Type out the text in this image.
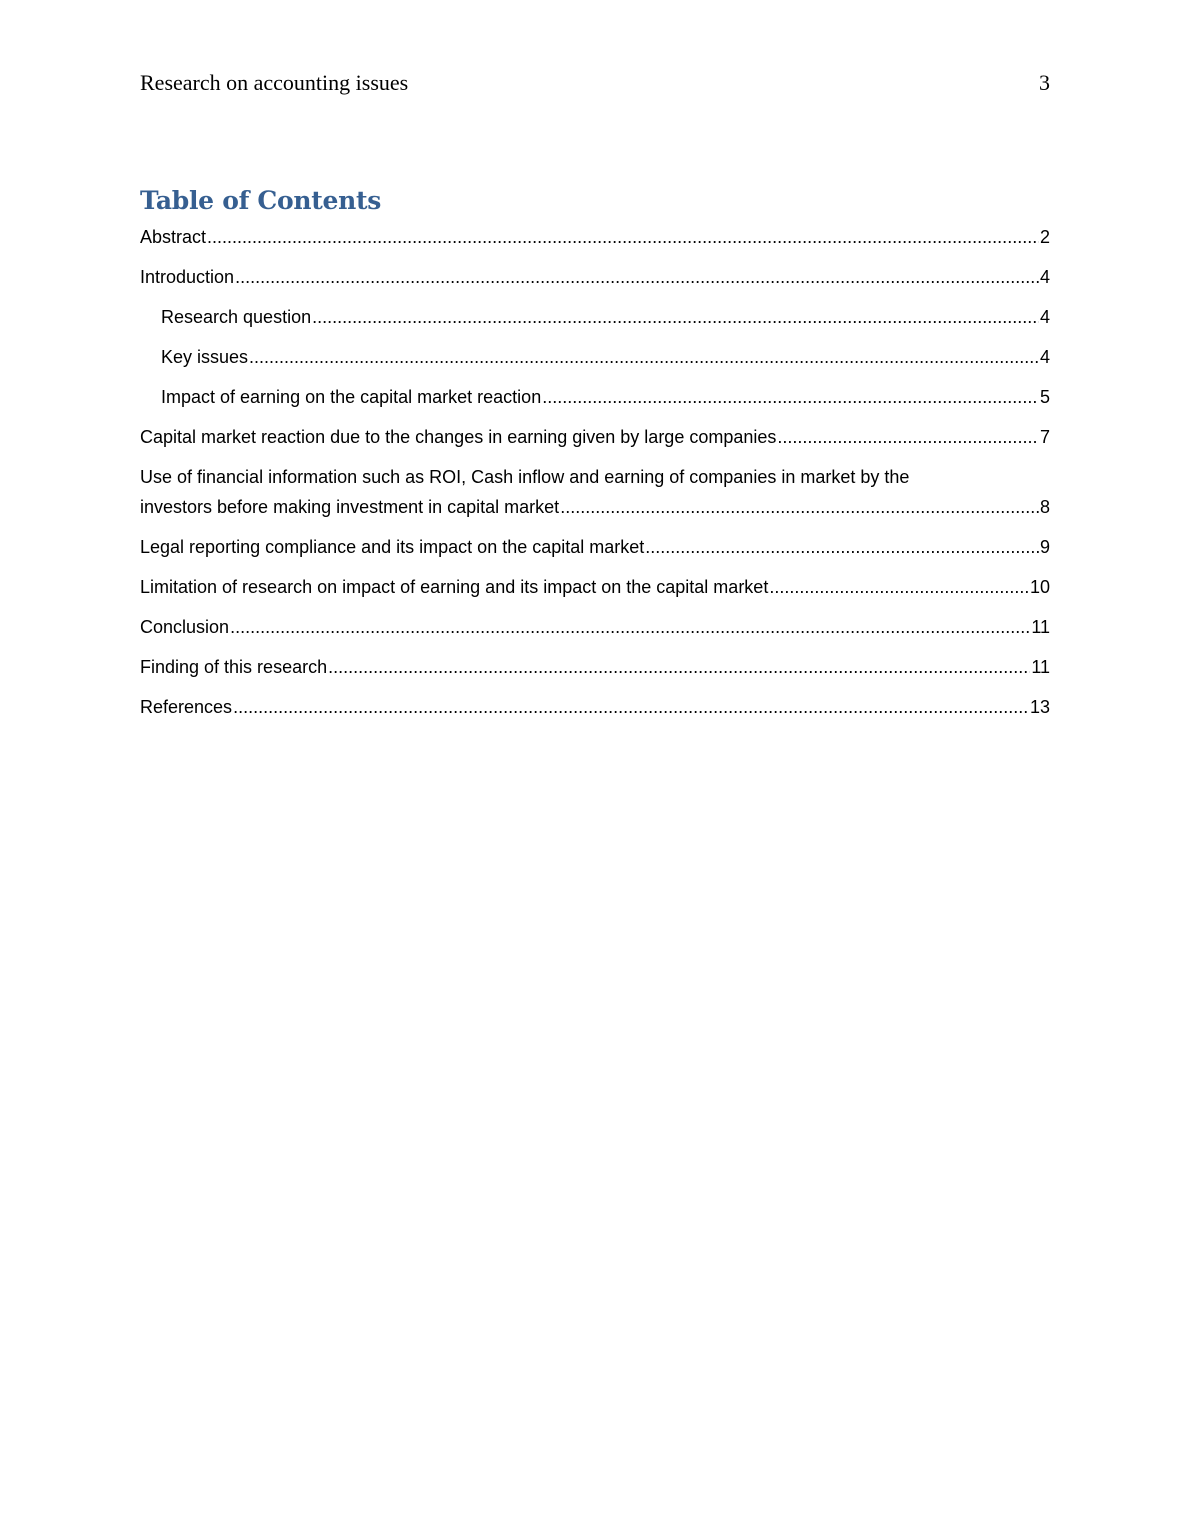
Research on accounting issues	3
Table of Contents
Abstract .....	2
Introduction .....	4
Research question .....	4
Key issues .....	4
Impact of earning on the capital market reaction .....	5
Capital market reaction due to the changes in earning given by large companies .....	7
Use of financial information such as ROI, Cash inflow and earning of companies in market by the
investors before making investment in capital market .....	8
Legal reporting compliance and its impact on the capital market .....	9
Limitation of research on impact of earning and its impact on the capital market .....	10
Conclusion .....	11
Finding of this research .....	11
References .....	13
